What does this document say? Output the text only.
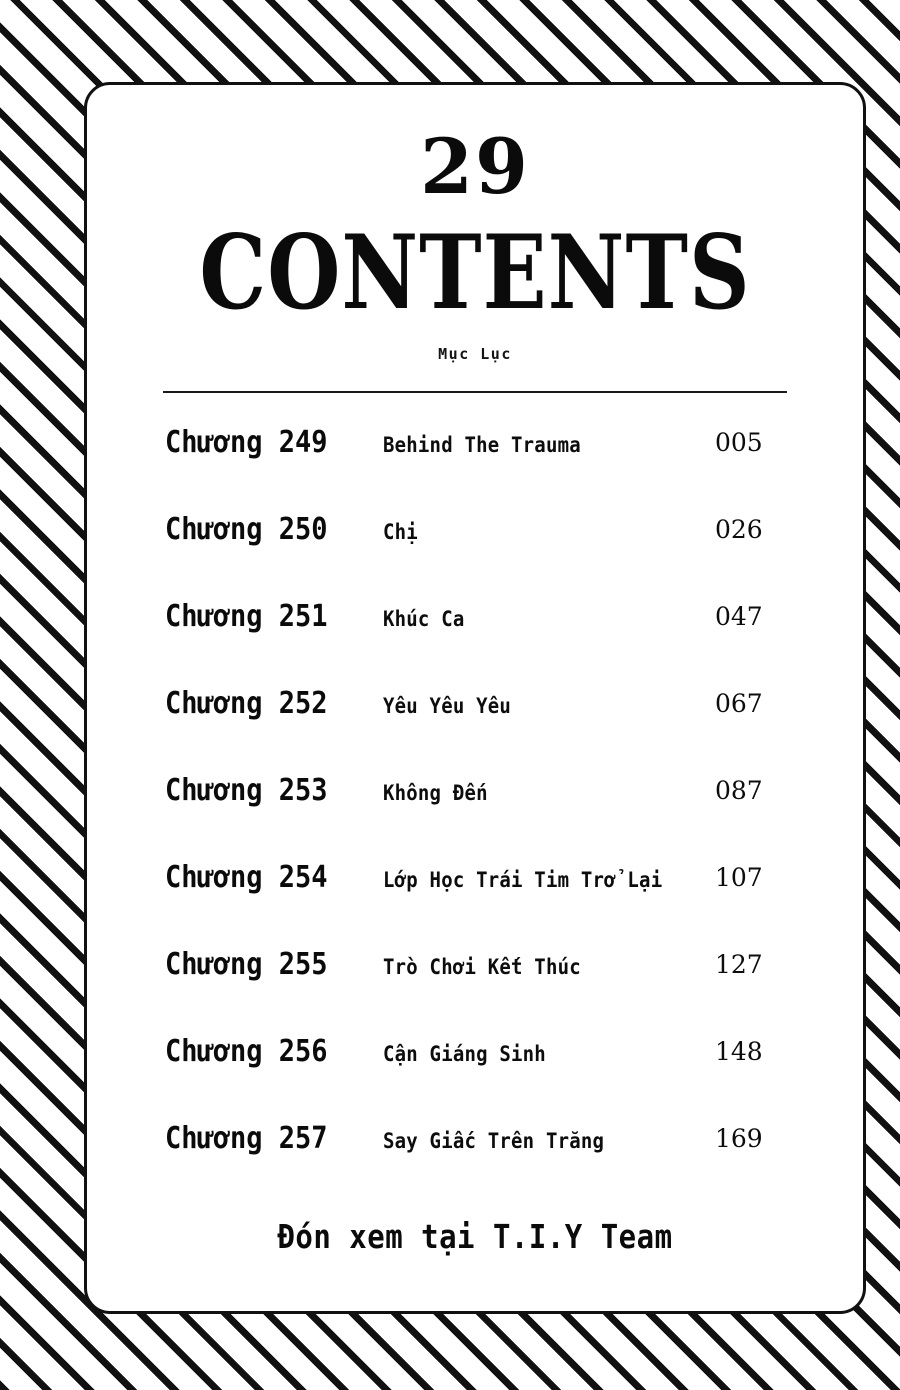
29
CONTENTS
Mục Lục
Chương 249	Behind The Trauma	005
Chương 250	Chị	026
Chương 251	Khúc Ca	047
Chương 252	Yêu Yêu Yêu	067
Chương 253	Không Đến	087
Chương 254	Lớp Học Trái Tim Trở Lại	107
Chương 255	Trò Chơi Kết Thúc	127
Chương 256	Cận Giáng Sinh	148
Chương 257	Say Giấc Trên Trăng	169
Đón xem tại T.I.Y Team
